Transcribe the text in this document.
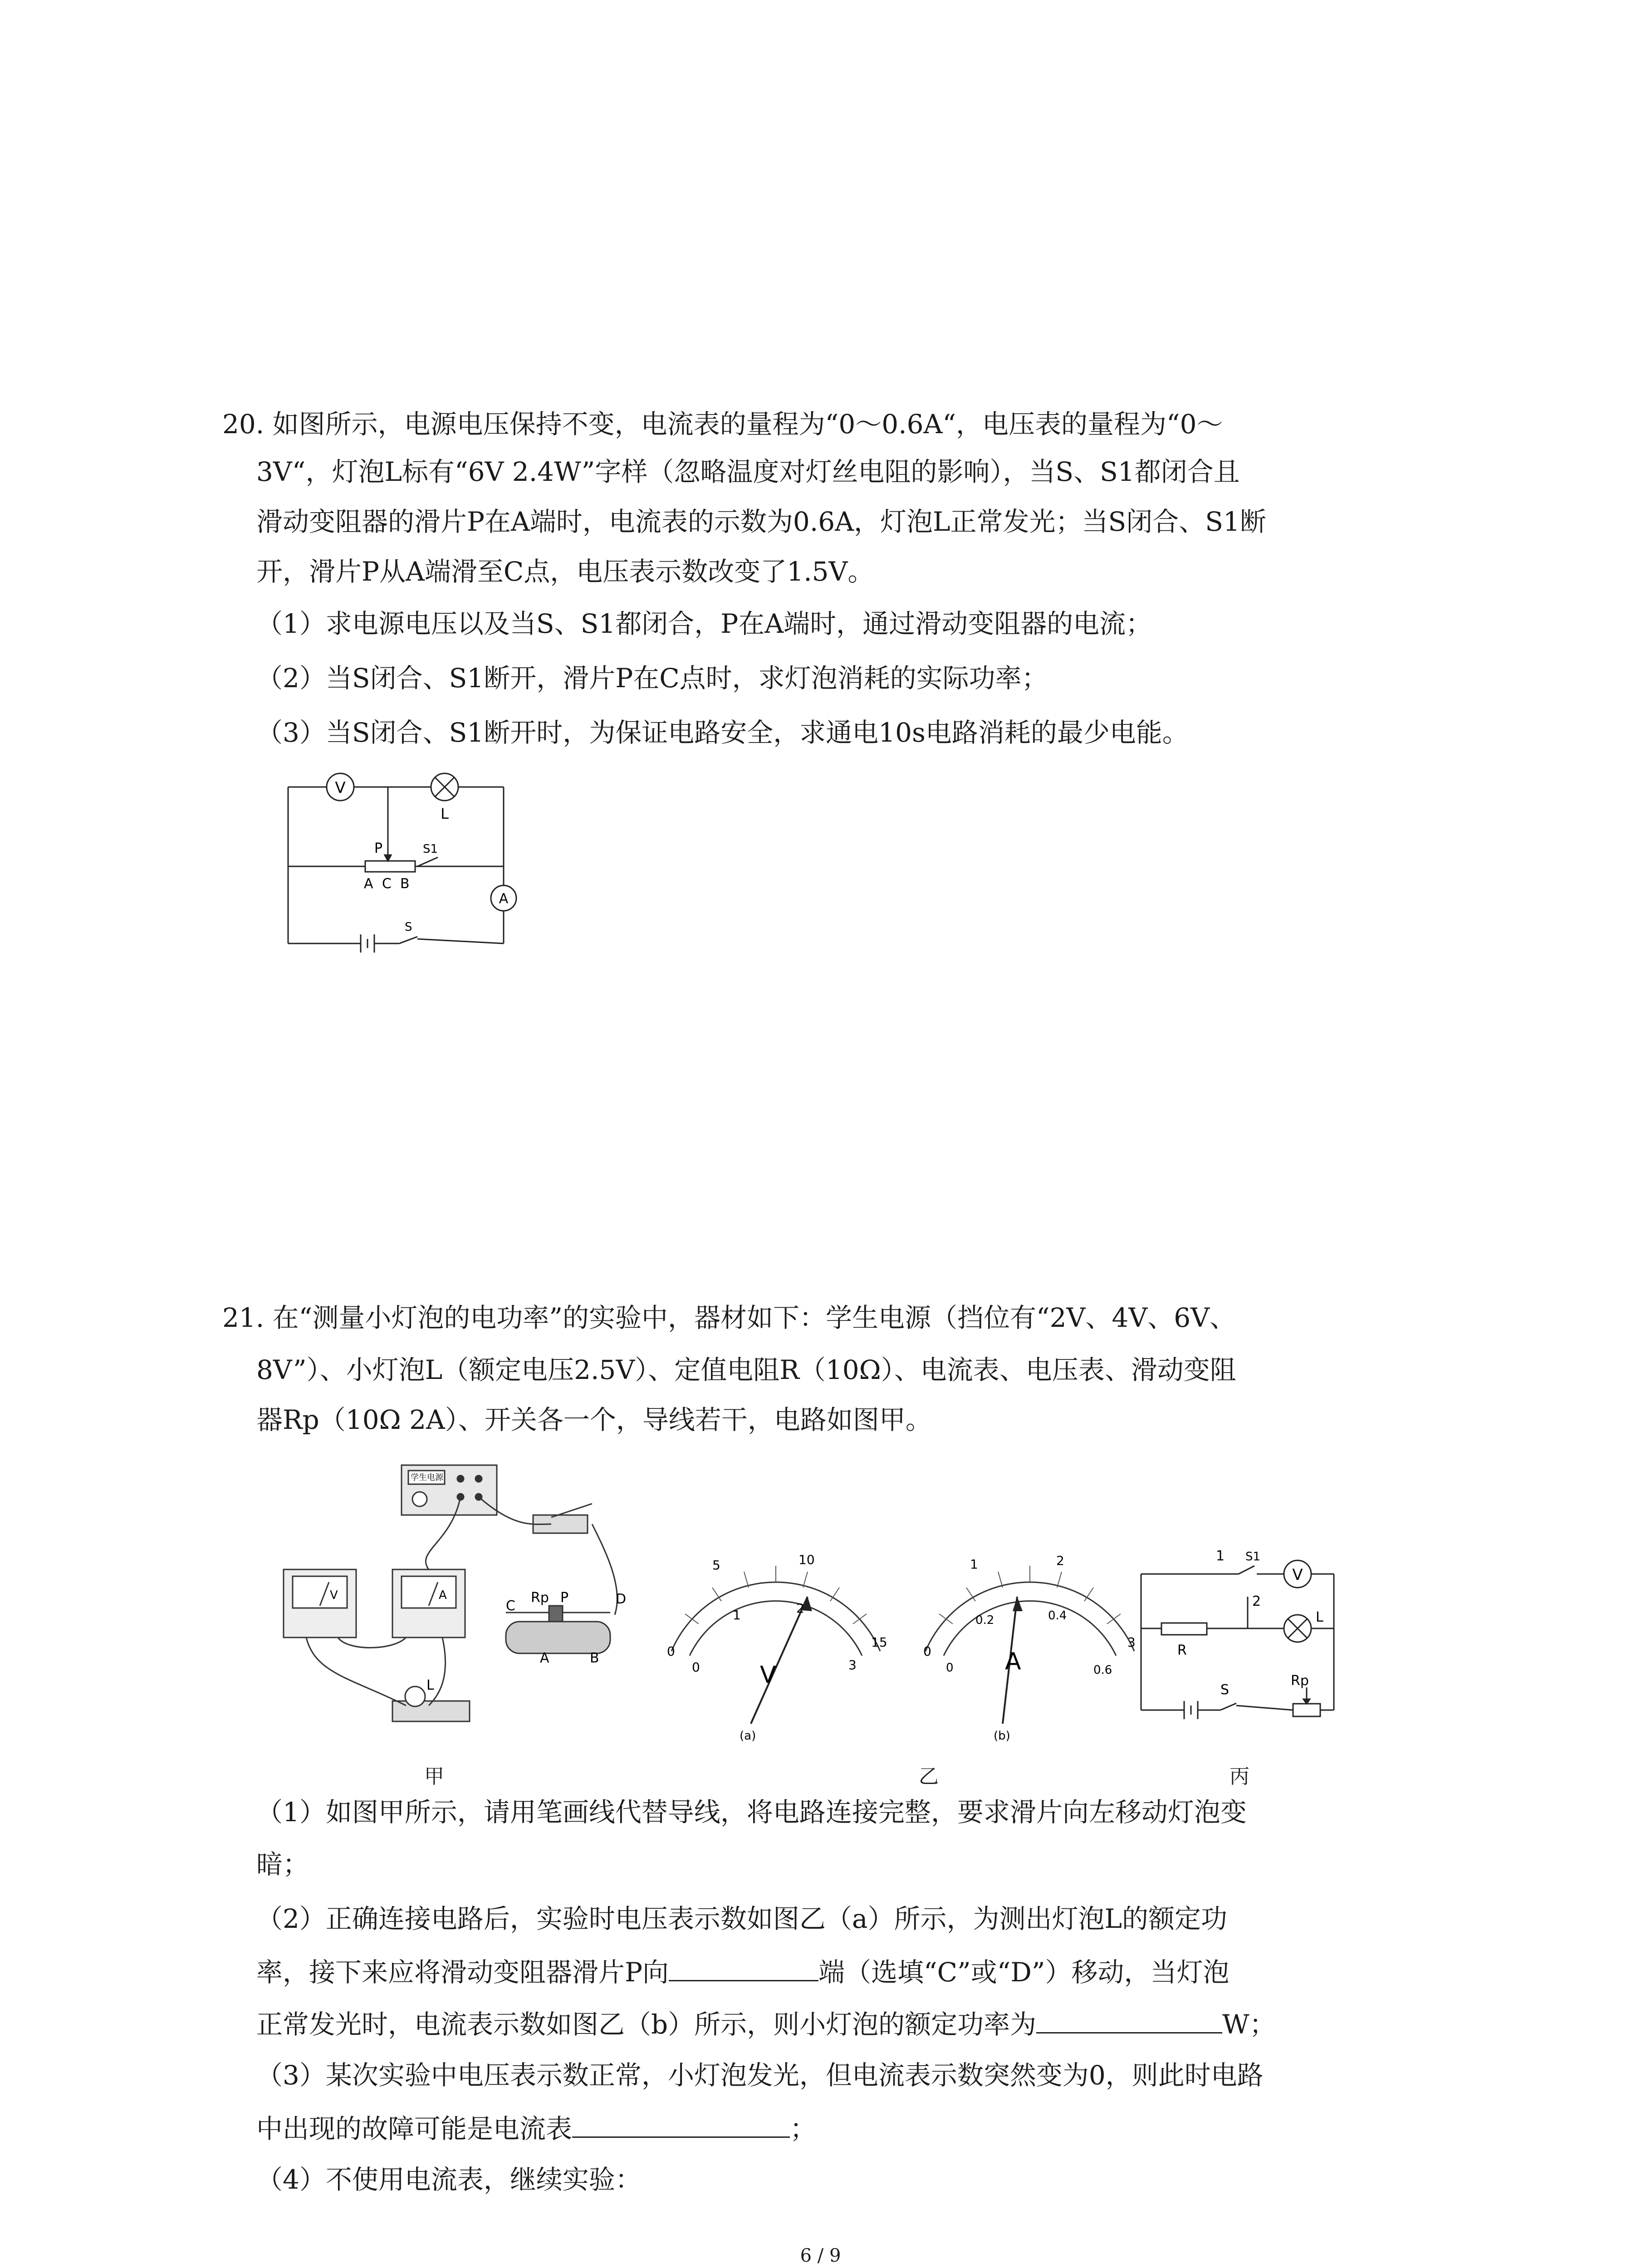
20. 如图所示，电源电压保持不变，电流表的量程为“0～0.6A“，电压表的量程为“0～
3V“，灯泡L标有“6V 2.4W”字样（忽略温度对灯丝电阻的影响），当S、S1都闭合且
滑动变阻器的滑片P在A端时，电流表的示数为0.6A，灯泡L正常发光；当S闭合、S1断
开，滑片P从A端滑至C点，电压表示数改变了1.5V。
（1）求电源电压以及当S、S1都闭合，P在A端时，通过滑动变阻器的电流；
（2）当S闭合、S1断开，滑片P在C点时，求灯泡消耗的实际功率；
（3）当S闭合、S1断开时，为保证电路安全，求通电10s电路消耗的最少电能。
V
L
P	S1
A C B
A
S
21. 在“测量小灯泡的电功率”的实验中，器材如下：学生电源（挡位有“2V、4V、6V、
8V”）、小灯泡L（额定电压2.5V）、定值电阻R（10Ω）、电流表、电压表、滑动变阻
器Rp（10Ω 2A）、开关各一个，导线若干，电路如图甲。
学生电源
V	A	Rp P
C	D
A	B
L
甲
0
5	10
15
0
1	2
3
V
(a)
乙
0
1	2
3
0
0.2	0.4
0.6
A
(b)
1 S1
2
V
L
R
S
Rp
丙
（1）如图甲所示，请用笔画线代替导线，将电路连接完整，要求滑片向左移动灯泡变
暗；
（2）正确连接电路后，实验时电压表示数如图乙（a）所示，为测出灯泡L的额定功
率，接下来应将滑动变阻器滑片P向	端（选填“C”或“D”）移动，当灯泡
正常发光时，电流表示数如图乙（b）所示，则小灯泡的额定功率为	W；
（3）某次实验中电压表示数正常，小灯泡发光，但电流表示数突然变为0，则此时电路
中出现的故障可能是电流表	；
（4）不使用电流表，继续实验：
6 / 9
